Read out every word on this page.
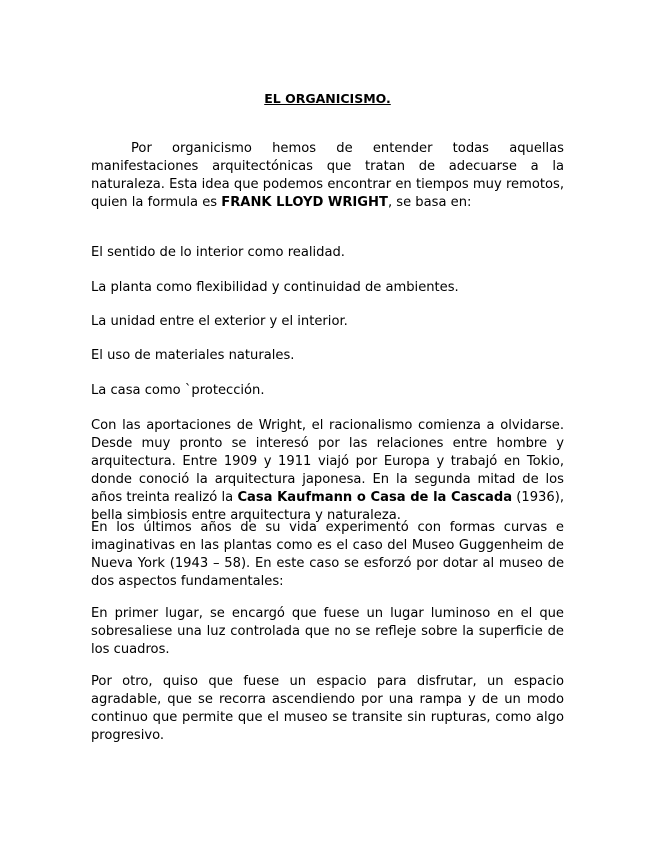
EL ORGANICISMO.

Por organicismo hemos de entender todas aquellas manifestaciones arquitectónicas que tratan de adecuarse a la naturaleza. Esta idea que podemos encontrar en tiempos muy remotos, quien la formula es FRANK LLOYD WRIGHT, se basa en:

El sentido de lo interior como realidad.

La planta como flexibilidad y continuidad de ambientes.

La unidad entre el exterior y el interior.

El uso de materiales naturales.

La casa como `protección.

Con las aportaciones de Wright, el racionalismo comienza a olvidarse. Desde muy pronto se interesó por las relaciones entre hombre y arquitectura. Entre 1909 y 1911 viajó por Europa y trabajó en Tokio, donde conoció la arquitectura japonesa. En la segunda mitad de los años treinta realizó la Casa Kaufmann o Casa de la Cascada (1936), bella simbiosis entre arquitectura y naturaleza.

En los últimos años de su vida experimentó con formas curvas e imaginativas en las plantas como es el caso del Museo Guggenheim de Nueva York (1943 – 58). En este caso se esforzó por dotar al museo de dos aspectos fundamentales:

En primer lugar, se encargó que fuese un lugar luminoso en el que sobresaliese una luz controlada que no se refleje sobre la superficie de los cuadros.

Por otro, quiso que fuese un espacio para disfrutar, un espacio agradable, que se recorra ascendiendo por una rampa y de un modo continuo que permite que el museo se transite sin rupturas, como algo progresivo.
